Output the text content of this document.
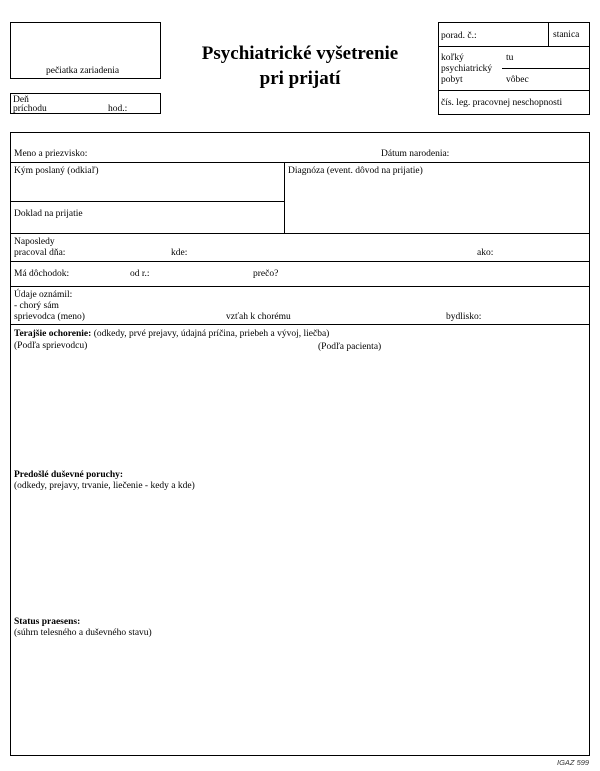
pečiatka zariadenia
Psychiatrické vyšetrenie
pri prijatí
Deň
príchodu	hod.:
porad. č.:	stanica
koľký
psychiatrický
pobyt
tu
vôbec
čís. leg. pracovnej neschopnosti
Meno a priezvisko:	Dátum narodenia:
Kým poslaný (odkiaľ)	Diagnóza (event. dôvod na prijatie)
Doklad na prijatie
Naposledy
pracoval dňa:	kde:	ako:
Má dôchodok:	od r.:	prečo?
Údaje oznámil:
- chorý sám
sprievodca (meno)	vzťah k chorému	bydlisko:
Terajšie ochorenie: (odkedy, prvé prejavy, údajná príčina, priebeh a vývoj, liečba)
(Podľa sprievodcu)	(Podľa pacienta)
Predošlé duševné poruchy:
(odkedy, prejavy, trvanie, liečenie - kedy a kde)
Status praesens:
(súhrn telesného a duševného stavu)
IGAZ 599
